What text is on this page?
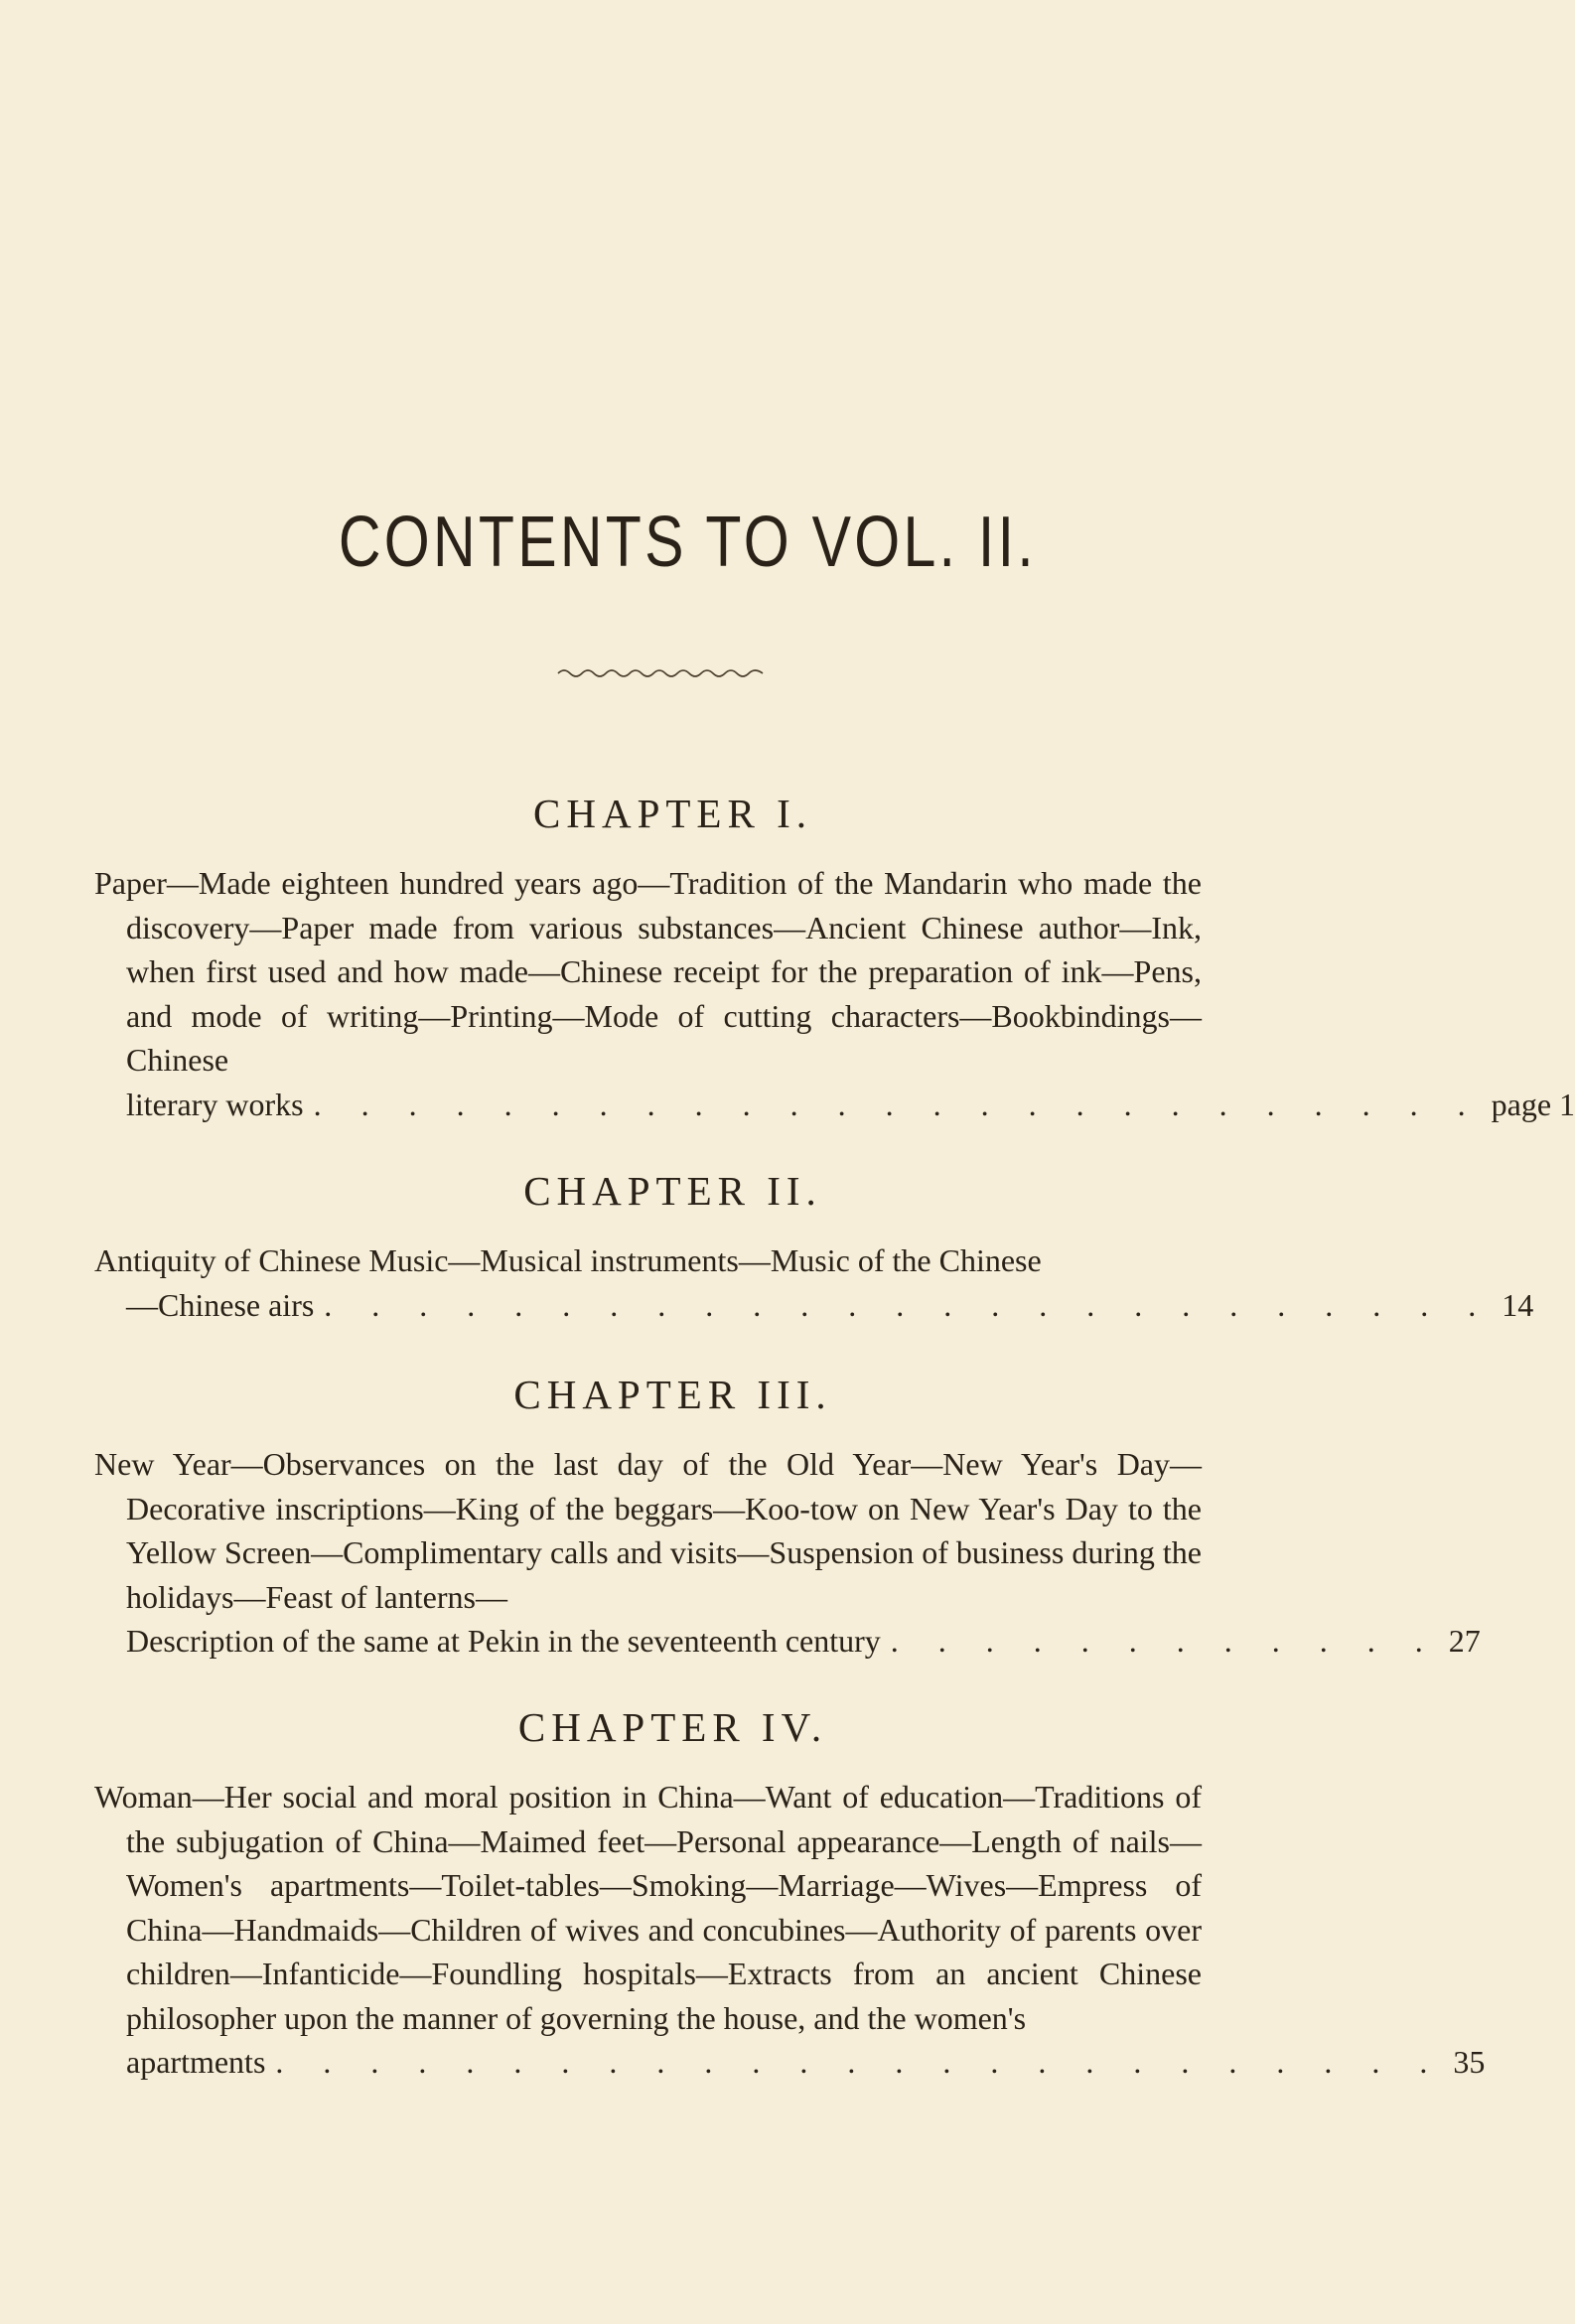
CONTENTS TO VOL. II.
CHAPTER I.

Paper—Made eighteen hundred years ago—Tradition of the Mandarin who made the discovery—Paper made from various substances—Ancient Chinese author—Ink, when first used and how made—Chinese receipt for the preparation of ink—Pens, and mode of writing—Printing—Mode of cutting characters—Bookbindings—Chinese

literary works . . . . . . . . . . . . . . . . . . . . . . . . . page 1
CHAPTER II.

Antiquity of Chinese Music—Musical instruments—Music of the Chinese

—Chinese airs . . . . . . . . . . . . . . . . . . . . . . . . . 14
CHAPTER III.

New Year—Observances on the last day of the Old Year—New Year's Day—Decorative inscriptions—King of the beggars—Koo-tow on New Year's Day to the Yellow Screen—Complimentary calls and visits—Suspension of business during the holidays—Feast of lanterns—

Description of the same at Pekin in the seventeenth century . . . . . . . . . . . . 27
CHAPTER IV.

Woman—Her social and moral position in China—Want of education—Traditions of the subjugation of China—Maimed feet—Personal appearance—Length of nails—Women's apartments—Toilet-tables—Smoking—Marriage—Wives—Empress of China—Handmaids—Children of wives and concubines—Authority of parents over children—Infanticide—Foundling hospitals—Extracts from an ancient Chinese philosopher upon the manner of governing the house, and the women's

apartments . . . . . . . . . . . . . . . . . . . . . . . . . 35
